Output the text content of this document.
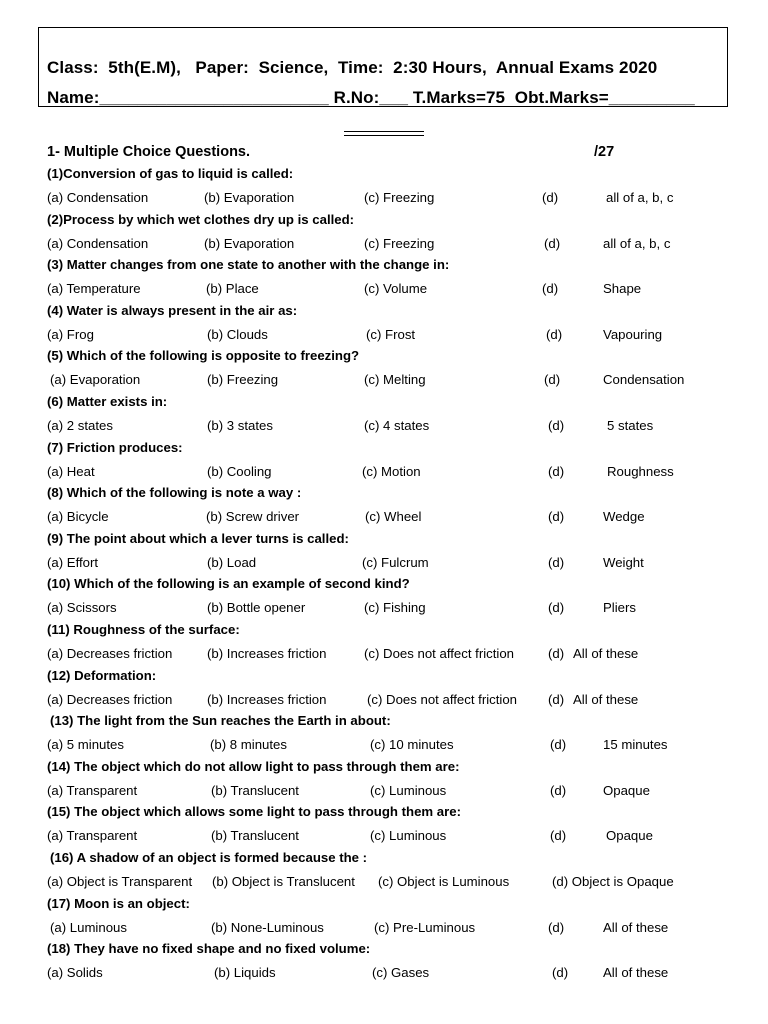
Class:  5th(E.M),   Paper:  Science,  Time:  2:30 Hours,  Annual Exams 2020
Name:________________________ R.No:___ T.Marks=75  Obt.Marks=_________
1- Multiple Choice Questions.	/27
(1)Conversion of gas to liquid is called:
(a) Condensation	(b) Evaporation	(c) Freezing	(d)	all of a, b, c
(2)Process by which wet clothes dry up is called:
(a) Condensation	(b) Evaporation	(c) Freezing	(d)	all of a, b, c
(3) Matter changes from one state to another with the change in:
(a) Temperature	(b) Place	(c) Volume	(d)	Shape
(4) Water is always present in the air as:
(a) Frog	(b) Clouds	(c) Frost	(d)	Vapouring
(5) Which of the following is opposite to freezing?
(a) Evaporation	(b) Freezing	(c) Melting	(d)	Condensation
(6) Matter exists in:
(a) 2 states	(b) 3 states	(c) 4 states	(d)	5 states
(7) Friction produces:
(a) Heat	(b) Cooling	(c) Motion	(d)	Roughness
(8) Which of the following is note a way :
(a) Bicycle	(b) Screw driver	(c) Wheel	(d)	Wedge
(9) The point about which a lever turns is called:
(a) Effort	(b) Load	(c) Fulcrum	(d)	Weight
(10) Which of the following is an example of second kind?
(a) Scissors	(b) Bottle opener	(c) Fishing	(d)	Pliers
(11) Roughness of the surface:
(a) Decreases friction	(b) Increases friction	(c) Does not affect friction	(d) All of these
(12) Deformation:
(a) Decreases friction	(b) Increases friction	(c) Does not affect friction (d) All of these
(13) The light from the Sun reaches the Earth in about:
(a) 5 minutes	(b) 8 minutes	(c) 10 minutes	(d)	15 minutes
(14) The object which do not allow light to pass through them are:
(a) Transparent	(b) Translucent	(c) Luminous	(d)	Opaque
(15) The object which allows some light to pass through them are:
(a) Transparent	(b) Translucent	(c) Luminous	(d)	Opaque
(16) A shadow of an object is formed because the :
(a) Object is Transparent (b) Object is Translucent (c) Object is Luminous	(d) Object is Opaque
(17) Moon is an object:
(a) Luminous	(b) None-Luminous	(c) Pre-Luminous	(d)	All of these
(18) They have no fixed shape and no fixed volume:
(a) Solids	(b) Liquids	(c) Gases	(d)	All of these
